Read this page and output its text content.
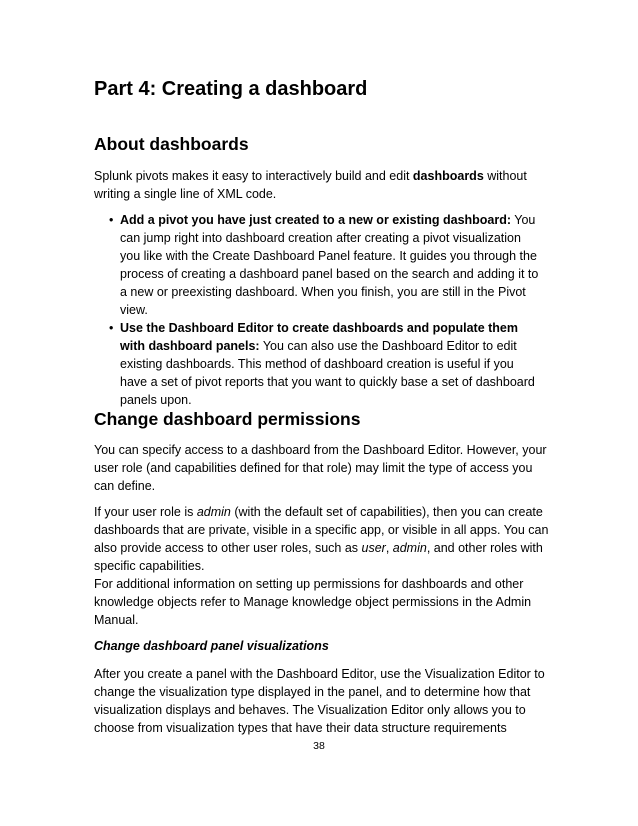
Part 4: Creating a dashboard
About dashboards

Splunk pivots makes it easy to interactively build and edit dashboards without writing a single line of XML code.

• Add a pivot you have just created to a new or existing dashboard: You can jump right into dashboard creation after creating a pivot visualization you like with the Create Dashboard Panel feature. It guides you through the process of creating a dashboard panel based on the search and adding it to a new or preexisting dashboard. When you finish, you are still in the Pivot view.
• Use the Dashboard Editor to create dashboards and populate them with dashboard panels: You can also use the Dashboard Editor to edit existing dashboards. This method of dashboard creation is useful if you have a set of pivot reports that you want to quickly base a set of dashboard panels upon.
Change dashboard permissions

You can specify access to a dashboard from the Dashboard Editor. However, your user role (and capabilities defined for that role) may limit the type of access you can define.

If your user role is admin (with the default set of capabilities), then you can create dashboards that are private, visible in a specific app, or visible in all apps. You can also provide access to other user roles, such as user, admin, and other roles with specific capabilities.

For additional information on setting up permissions for dashboards and other knowledge objects refer to Manage knowledge object permissions in the Admin Manual.

Change dashboard panel visualizations

After you create a panel with the Dashboard Editor, use the Visualization Editor to change the visualization type displayed in the panel, and to determine how that visualization displays and behaves. The Visualization Editor only allows you to choose from visualization types that have their data structure requirements

38
